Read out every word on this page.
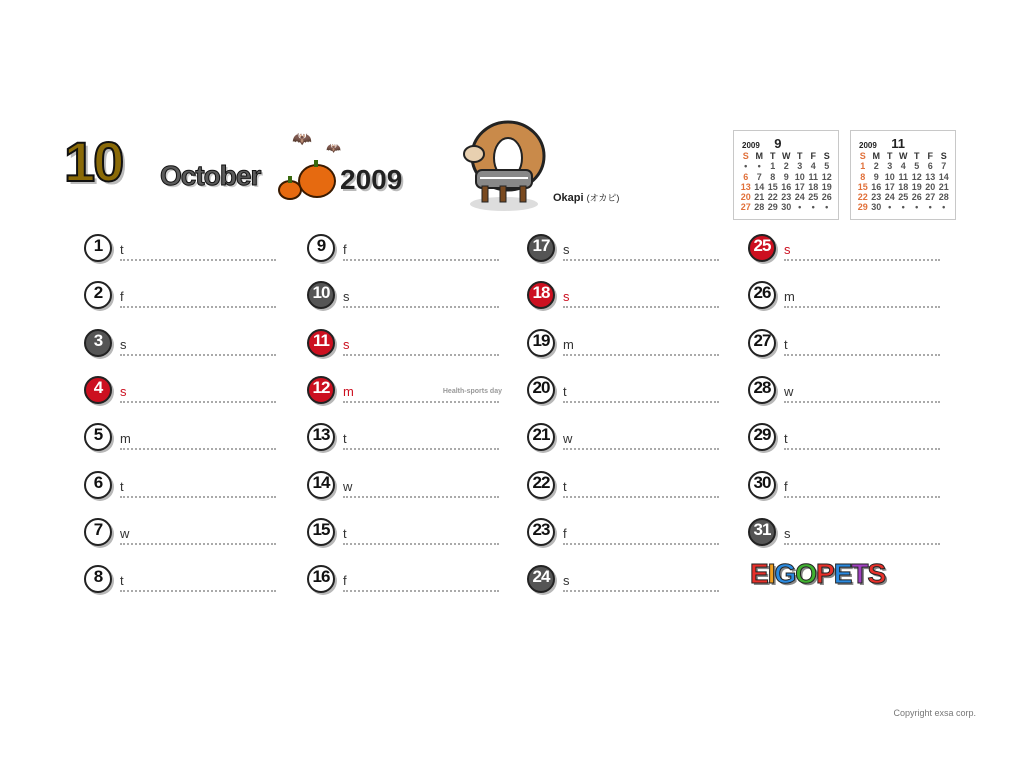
10 October
🦇 🦇
2009
Okapi (オカピ)
2009 9
S M T W T F S
•	•	1 2 3 4 5
6 7 8 9 10 11 12
13 14 15 16 17 18 19
20 21 22 23 24 25 26
27 28 29 30 •	•	•
2009 11
S M T W T F S
1 2 3 4 5 6 7
8 9 10 11 12 13 14
15 16 17 18 19 20 21
22 23 24 25 26 27 28
29 30 •	•	•	•	•
1	t
2	f
3	s
4	s
5	m
6	t
7	w
8	t
9	f
10	s
11	s
12	m	Health-sports day
13	t
14	w
15	t
16	f
17	s
18	s
19	m
20	t
21	w
22	t
23	f
24	s
25	s
26	m
27	t
28	w
29	t
30	f
31	s
EIGOPETS
Copyright exsa corp.
